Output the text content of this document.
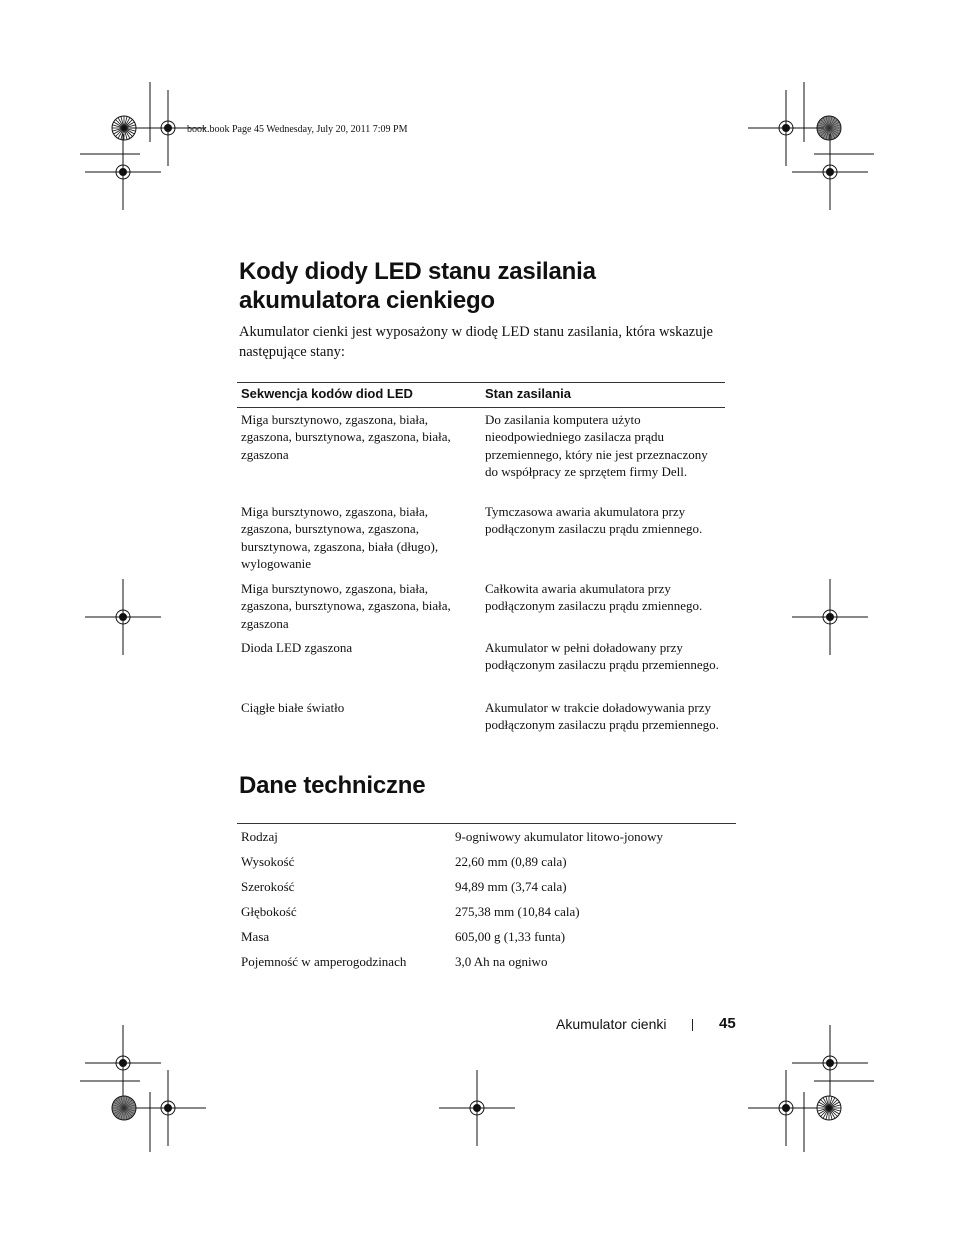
book.book Page 45 Wednesday, July 20, 2011 7:09 PM
Kody diody LED stanu zasilania
akumulatora cienkiego
Akumulator cienki jest wyposażony w diodę LED stanu zasilania, która wskazuje następujące stany:
Sekwencja kodów diod LED	Stan zasilania
Miga bursztynowo, zgaszona, biała, zgaszona, bursztynowa, zgaszona, biała, zgaszona	Do zasilania komputera użyto nieodpowiedniego zasilacza prądu przemiennego, który nie jest przeznaczony do współpracy ze sprzętem firmy Dell.
Miga bursztynowo, zgaszona, biała, zgaszona, bursztynowa, zgaszona, bursztynowa, zgaszona, biała (długo), wylogowanie	Tymczasowa awaria akumulatora przy podłączonym zasilaczu prądu zmiennego.
Miga bursztynowo, zgaszona, biała, zgaszona, bursztynowa, zgaszona, biała, zgaszona	Całkowita awaria akumulatora przy podłączonym zasilaczu prądu zmiennego.
Dioda LED zgaszona	Akumulator w pełni doładowany przy podłączonym zasilaczu prądu przemiennego.
Ciągłe białe światło	Akumulator w trakcie doładowywania przy podłączonym zasilaczu prądu przemiennego.
Dane techniczne
Rodzaj	9-ogniwowy akumulator litowo-jonowy
Wysokość	22,60 mm (0,89 cala)
Szerokość	94,89 mm (3,74 cala)
Głębokość	275,38 mm (10,84 cala)
Masa	605,00 g (1,33 funta)
Pojemność w amperogodzinach	3,0 Ah na ogniwo
Akumulator cienki	45
